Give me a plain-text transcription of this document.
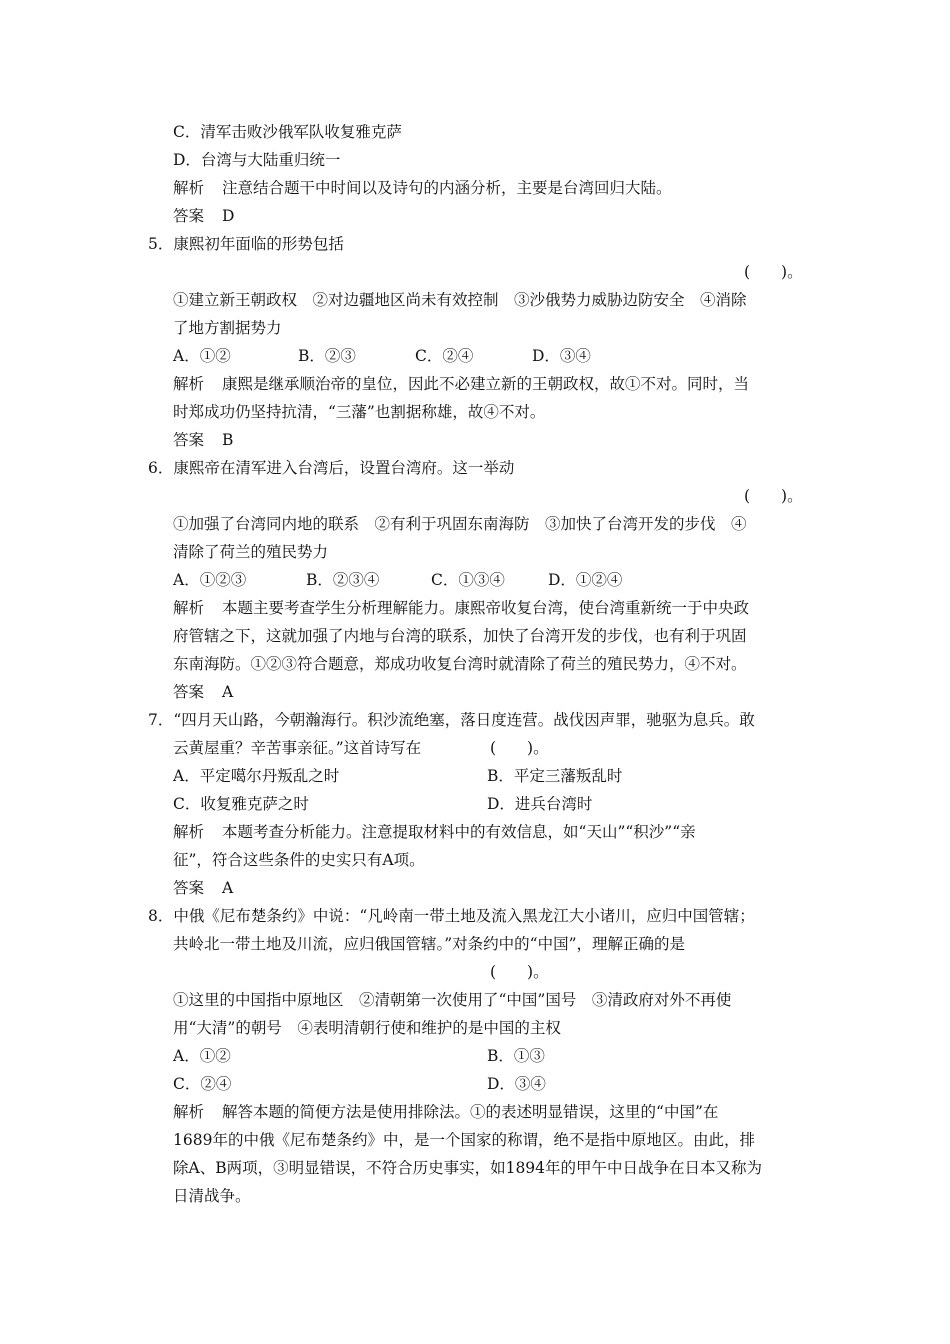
C．清军击败沙俄军队收复雅克萨
D．台湾与大陆重归统一
解析 注意结合题干中时间以及诗句的内涵分析，主要是台湾回归大陆。
答案 D
5．康熙初年面临的形势包括
(　　)。
①建立新王朝政权　②对边疆地区尚未有效控制　③沙俄势力威胁边防安全　④消除
了地方割据势力
A．①②	B．②③	C．②④	D．③④
解析 康熙是继承顺治帝的皇位，因此不必建立新的王朝政权，故①不对。同时，当
时郑成功仍坚持抗清，“三藩”也割据称雄，故④不对。
答案 B
6．康熙帝在清军进入台湾后，设置台湾府。这一举动
(　　)。
①加强了台湾同内地的联系　②有利于巩固东南海防　③加快了台湾开发的步伐　④
清除了荷兰的殖民势力
A．①②③	B．②③④	C．①③④	D．①②④
解析 本题主要考查学生分析理解能力。康熙帝收复台湾，使台湾重新统一于中央政
府管辖之下，这就加强了内地与台湾的联系，加快了台湾开发的步伐，也有利于巩固
东南海防。①②③符合题意，郑成功收复台湾时就清除了荷兰的殖民势力，④不对。
答案 A
7．“四月天山路，今朝瀚海行。积沙流绝塞，落日度连营。战伐因声罪，驰驱为息兵。敢
云黄屋重？辛苦事亲征。”这首诗写在	(　　)。
A．平定噶尔丹叛乱之时	B．平定三藩叛乱时
C．收复雅克萨之时	D．进兵台湾时
解析 本题考查分析能力。注意提取材料中的有效信息，如“天山”“积沙”“亲
征”，符合这些条件的史实只有A项。
答案 A
8．中俄《尼布楚条约》中说：“凡岭南一带土地及流入黑龙江大小诸川，应归中国管辖；
共岭北一带土地及川流，应归俄国管辖。”对条约中的“中国”，理解正确的是
(　　)。
①这里的中国指中原地区　②清朝第一次使用了“中国”国号　③清政府对外不再使
用“大清”的朝号　④表明清朝行使和维护的是中国的主权
A．①②	B．①③
C．②④	D．③④
解析 解答本题的简便方法是使用排除法。①的表述明显错误，这里的“中国”在
1689年的中俄《尼布楚条约》中，是一个国家的称谓，绝不是指中原地区。由此，排
除A、B两项，③明显错误，不符合历史事实，如1894年的甲午中日战争在日本又称为
日清战争。
